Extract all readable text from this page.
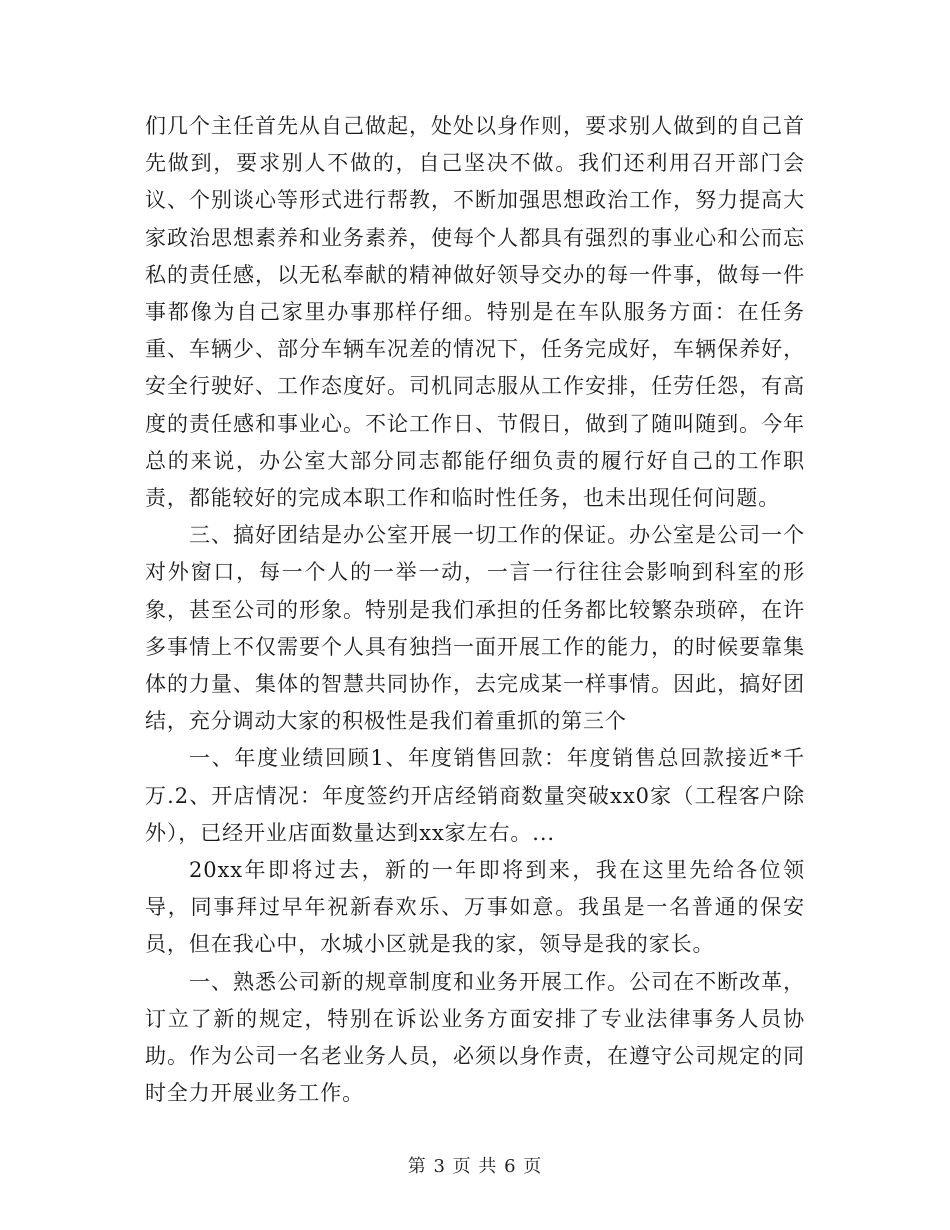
们几个主任首先从自己做起，处处以身作则，要求别人做到的自己首先做到，要求别人不做的，自己坚决不做。我们还利用召开部门会议、个别谈心等形式进行帮教，不断加强思想政治工作，努力提高大家政治思想素养和业务素养，使每个人都具有强烈的事业心和公而忘私的责任感，以无私奉献的精神做好领导交办的每一件事，做每一件事都像为自己家里办事那样仔细。特别是在车队服务方面：在任务重、车辆少、部分车辆车况差的情况下，任务完成好，车辆保养好，安全行驶好、工作态度好。司机同志服从工作安排，任劳任怨，有高度的责任感和事业心。不论工作日、节假日，做到了随叫随到。今年总的来说，办公室大部分同志都能仔细负责的履行好自己的工作职责，都能较好的完成本职工作和临时性任务，也未出现任何问题。

三、搞好团结是办公室开展一切工作的保证。办公室是公司一个对外窗口，每一个人的一举一动，一言一行往往会影响到科室的形象，甚至公司的形象。特别是我们承担的任务都比较繁杂琐碎，在许多事情上不仅需要个人具有独挡一面开展工作的能力，的时候要靠集体的力量、集体的智慧共同协作，去完成某一样事情。因此，搞好团结，充分调动大家的积极性是我们着重抓的第三个

一、年度业绩回顾1、年度销售回款：年度销售总回款接近*千万.2、开店情况：年度签约开店经销商数量突破xx0家（工程客户除外），已经开业店面数量达到xx家左右。...

20xx年即将过去，新的一年即将到来，我在这里先给各位领导，同事拜过早年祝新春欢乐、万事如意。我虽是一名普通的保安员，但在我心中，水城小区就是我的家，领导是我的家长。

一、熟悉公司新的规章制度和业务开展工作。公司在不断改革，订立了新的规定，特别在诉讼业务方面安排了专业法律事务人员协助。作为公司一名老业务人员，必须以身作责，在遵守公司规定的同时全力开展业务工作。

第 3 页 共 6 页
